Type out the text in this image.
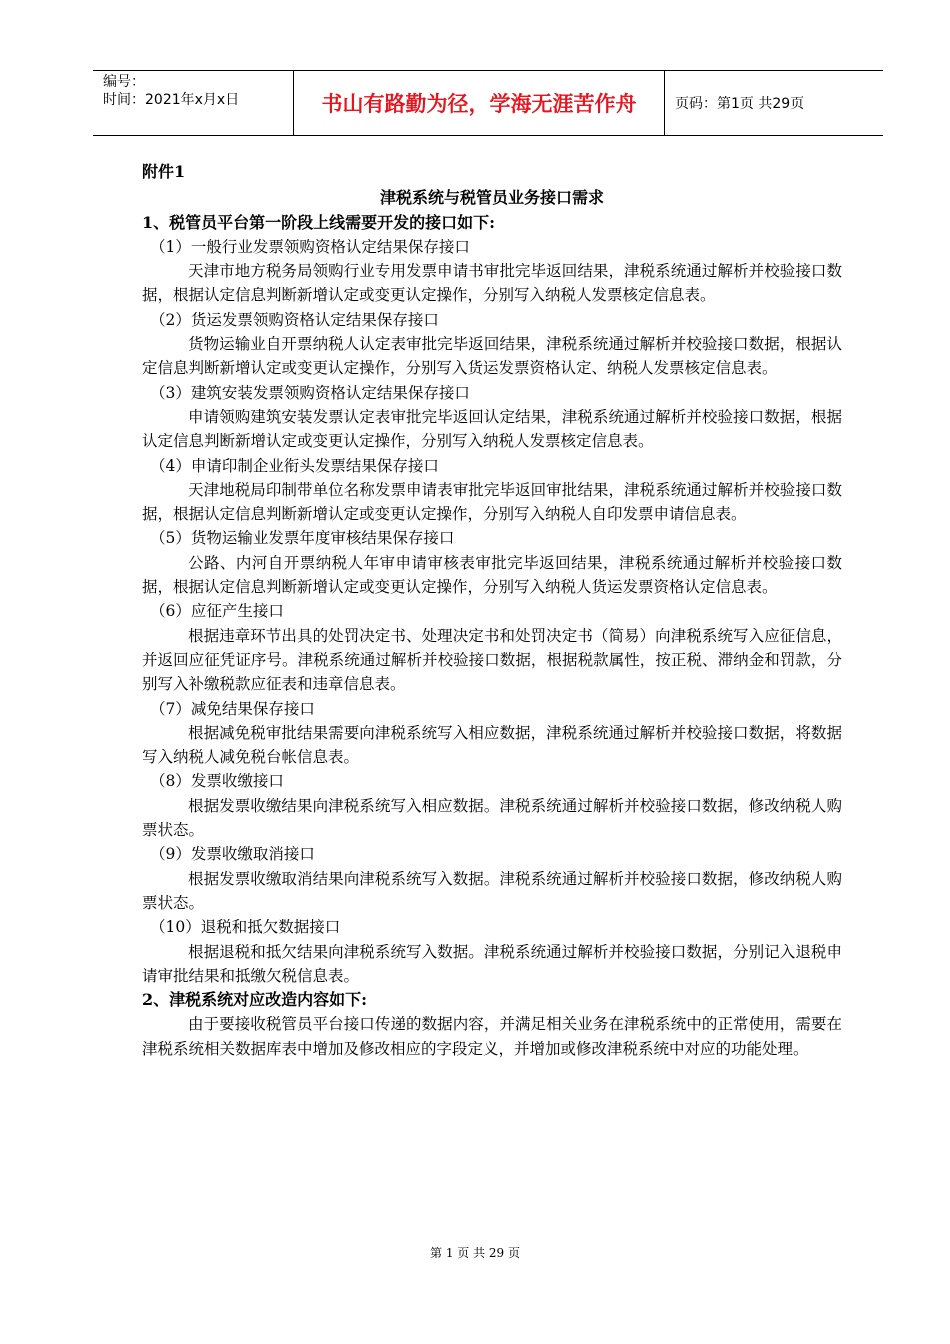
编号：
时间：2021年x月x日	书山有路勤为径，学海无涯苦作舟	页码：第1页 共29页

附件1

津税系统与税管员业务接口需求

1、税管员平台第一阶段上线需要开发的接口如下:

（1）一般行业发票领购资格认定结果保存接口

天津市地方税务局领购行业专用发票申请书审批完毕返回结果，津税系统通过解析并校验接口数据，根据认定信息判断新增认定或变更认定操作，分别写入纳税人发票核定信息表。

（2）货运发票领购资格认定结果保存接口

货物运输业自开票纳税人认定表审批完毕返回结果，津税系统通过解析并校验接口数据，根据认定信息判断新增认定或变更认定操作，分别写入货运发票资格认定、纳税人发票核定信息表。

（3）建筑安装发票领购资格认定结果保存接口

申请领购建筑安装发票认定表审批完毕返回认定结果，津税系统通过解析并校验接口数据，根据认定信息判断新增认定或变更认定操作，分别写入纳税人发票核定信息表。

（4）申请印制企业衔头发票结果保存接口

天津地税局印制带单位名称发票申请表审批完毕返回审批结果，津税系统通过解析并校验接口数据，根据认定信息判断新增认定或变更认定操作，分别写入纳税人自印发票申请信息表。

（5）货物运输业发票年度审核结果保存接口

公路、内河自开票纳税人年审申请审核表审批完毕返回结果，津税系统通过解析并校验接口数据，根据认定信息判断新增认定或变更认定操作，分别写入纳税人货运发票资格认定信息表。

（6）应征产生接口

根据违章环节出具的处罚决定书、处理决定书和处罚决定书（简易）向津税系统写入应征信息，并返回应征凭证序号。津税系统通过解析并校验接口数据，根据税款属性，按正税、滞纳金和罚款，分别写入补缴税款应征表和违章信息表。

（7）减免结果保存接口

根据减免税审批结果需要向津税系统写入相应数据，津税系统通过解析并校验接口数据，将数据写入纳税人减免税台帐信息表。

（8）发票收缴接口

根据发票收缴结果向津税系统写入相应数据。津税系统通过解析并校验接口数据，修改纳税人购票状态。

（9）发票收缴取消接口

根据发票收缴取消结果向津税系统写入数据。津税系统通过解析并校验接口数据，修改纳税人购票状态。

（10）退税和抵欠数据接口

根据退税和抵欠结果向津税系统写入数据。津税系统通过解析并校验接口数据，分别记入退税申请审批结果和抵缴欠税信息表。

2、津税系统对应改造内容如下:

由于要接收税管员平台接口传递的数据内容，并满足相关业务在津税系统中的正常使用，需要在津税系统相关数据库表中增加及修改相应的字段定义，并增加或修改津税系统中对应的功能处理。

第 1 页 共 29 页
